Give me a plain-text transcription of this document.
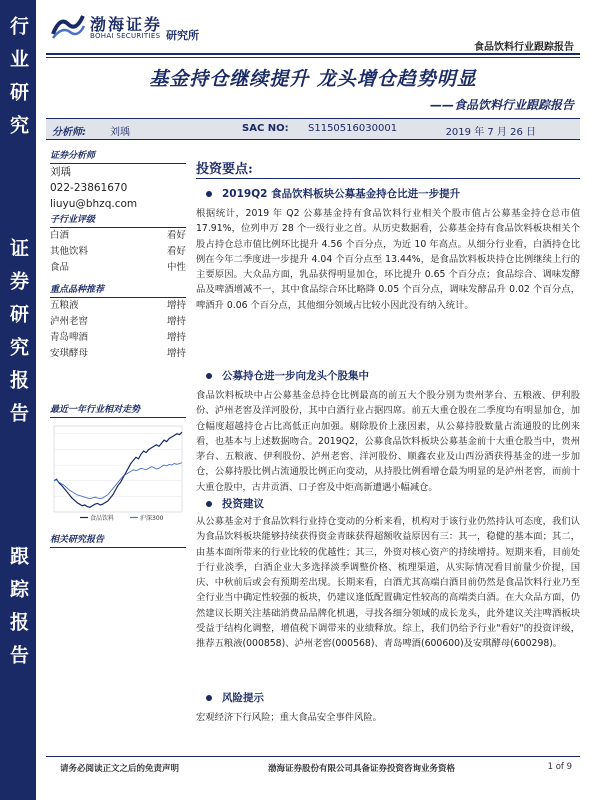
行业研究
证券研究报告
跟踪报告
渤海证券
BOHAI SECURITIES 研究所
食品饮料行业跟踪报告
基金持仓继续提升 龙头增仓趋势明显
——食品饮料行业跟踪报告
分析师: 刘瑀	SAC NO: S1150516030001	2019 年 7 月 26 日
证券分析师
刘瑀
022-23861670
liuyu@bhzq.com
子行业评级
白酒	看好
其他饮料	看好
食品	中性
重点品种推荐
五粮液	增持
泸州老窖	增持
青岛啤酒	增持
安琪酵母	增持
最近一年行业相对走势
食品饮料	沪深300
相关研究报告
投资要点:
2019Q2 食品饮料板块公募基金持仓比进一步提升
根据统计，2019 年 Q2 公募基金持有食品饮料行业相关个股市值占公募基金持仓总市值 17.91%，位列申万 28 个一级行业之首。从历史数据看，公募基金持有食品饮料板块相关个股占持仓总市值比例环比提升 4.56 个百分点，为近 10 年高点。从细分行业看，白酒持仓比例在今年二季度进一步提升 4.04 个百分点至 13.44%，是食品饮料板块持仓比例继续上行的主要原因。大众品方面，乳品获得明显加仓，环比提升 0.65 个百分点；食品综合、调味发酵品及啤酒增减不一，其中食品综合环比略降 0.05 个百分点，调味发酵品升 0.02 个百分点，啤酒升 0.06 个百分点，其他细分领域占比较小因此没有纳入统计。
公募持仓进一步向龙头个股集中
食品饮料板块中占公募基金总持仓比例最高的前五大个股分别为贵州茅台、五粮液、伊利股份、泸州老窖及洋河股份，其中白酒行业占据四席。前五大重仓股在二季度均有明显加仓，加仓幅度超越持仓占比高低正向加强。剔除股价上涨因素，从公募持股数量占流通股的比例来看，也基本与上述数据吻合。2019Q2，公募食品饮料板块公募基金前十大重仓股当中，贵州茅台、五粮液、伊利股份、泸州老窖、洋河股份、顺鑫农业及山西汾酒获得基金的进一步加仓，公募持股比例占流通股比例正向变动，从持股比例看增仓最为明显的是泸州老窖，而前十大重仓股中，古井贡酒、口子窖及中炬高新遭遇小幅减仓。
投资建议
从公募基金对于食品饮料行业持仓变动的分析来看，机构对于该行业仍然持认可态度，我们认为食品饮料板块能够持续获得资金青睐获得超额收益原因有三：其一，稳健的基本面；其二，由基本面所带来的行业比较的优越性；其三，外资对核心资产的持续增持。短期来看，目前处于行业淡季，白酒企业大多选择淡季调整价格、梳理渠道，从实际情况看目前量少价提，国庆、中秋前后或会有预期差出现。长期来看，白酒尤其高端白酒目前仍然是食品饮料行业乃至全行业当中确定性较强的板块，仍建议逢低配置确定性较高的高端类白酒。在大众品方面，仍然建议长期关注基础消费品品牌化机遇，寻找各细分领域的成长龙头，此外建议关注啤酒板块受益于结构化调整，增值税下调带来的业绩释放。综上，我们仍给予行业"看好"的投资评级，推荐五粮液(000858)、泸州老窖(000568)、青岛啤酒(600600)及安琪酵母(600298)。
风险提示
宏观经济下行风险；重大食品安全事件风险。
请务必阅读正文之后的免责声明	渤海证券股份有限公司具备证券投资咨询业务资格	1 of 9
